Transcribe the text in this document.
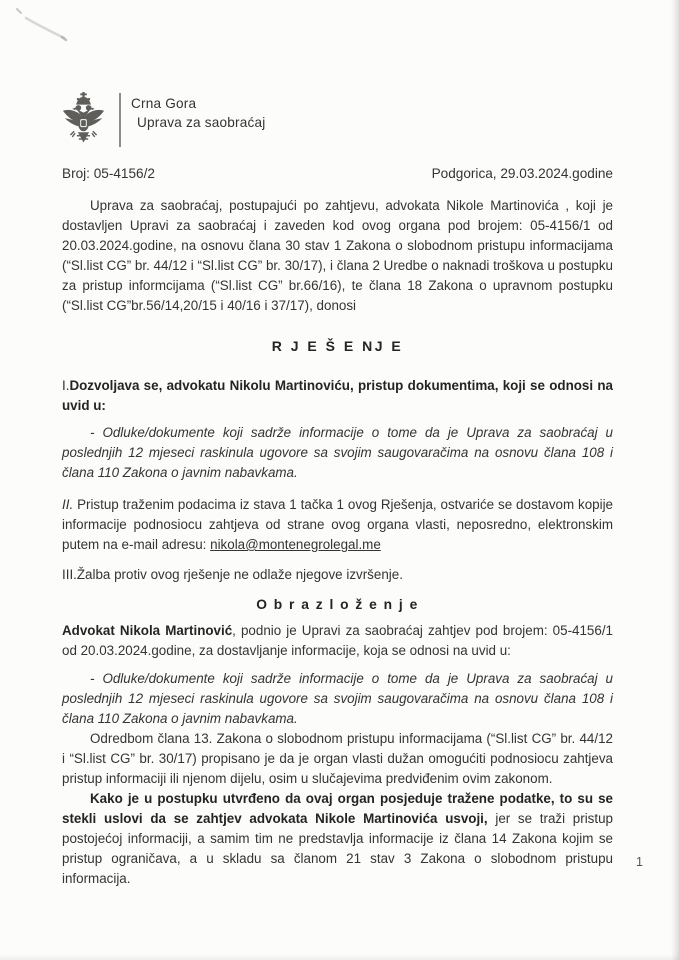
Crna Gora
Uprava za saobraćaj
Broj: 05-4156/2	Podgorica, 29.03.2024.godine

Uprava za saobraćaj, postupajući po zahtjevu, advokata Nikole Martinovića , koji je dostavljen Upravi za saobraćaj i zaveden kod ovog organa pod brojem: 05-4156/1 od 20.03.2024.godine, na osnovu člana 30 stav 1 Zakona o slobodnom pristupu informacijama (“Sl.list CG” br. 44/12 i “Sl.list CG” br. 30/17), i člana 2 Uredbe o naknadi troškova u postupku za pristup informcijama (“Sl.list CG” br.66/16), te člana 18 Zakona o upravnom postupku (“Sl.list CG”br.56/14,20/15 i 40/16 i 37/17), donosi

R J E Š E NJ E

I.Dozvoljava se, advokatu Nikolu Martinoviću, pristup dokumentima, koji se odnosi na uvid u:

- Odluke/dokumente koji sadrže informacije o tome da je Uprava za saobraćaj u poslednjih 12 mjeseci raskinula ugovore sa svojim saugovaračima na osnovu člana 108 i člana 110 Zakona o javnim nabavkama.

II. Pristup traženim podacima iz stava 1 tačka 1 ovog Rješenja, ostvariće se dostavom kopije informacije podnosiocu zahtjeva od strane ovog organa vlasti, neposredno, elektronskim putem na e-mail adresu: nikola@montenegrolegal.me

III.Žalba protiv ovog rješenje ne odlaže njegove izvršenje.

O b r a z l o ž e n j e

Advokat Nikola Martinović, podnio je Upravi za saobraćaj zahtjev pod brojem: 05-4156/1 od 20.03.2024.godine, za dostavljanje informacije, koja se odnosi na uvid u:

- Odluke/dokumente koji sadrže informacije o tome da je Uprava za saobraćaj u poslednjih 12 mjeseci raskinula ugovore sa svojim saugovaračima na osnovu člana 108 i člana 110 Zakona o javnim nabavkama.

Odredbom člana 13. Zakona o slobodnom pristupu informacijama (“Sl.list CG” br. 44/12 i “Sl.list CG” br. 30/17) propisano je da je organ vlasti dužan omogućiti podnosiocu zahtjeva pristup informaciji ili njenom dijelu, osim u slučajevima predviđenim ovim zakonom.

Kako je u postupku utvrđeno da ovaj organ posjeduje tražene podatke, to su se stekli uslovi da se zahtjev advokata Nikole Martinovića usvoji, jer se traži pristup postojećoj informaciji, a samim tim ne predstavlja informacije iz člana 14 Zakona kojim se pristup ograničava, a u skladu sa članom 21 stav 3 Zakona o slobodnom pristupu informacija.

1
